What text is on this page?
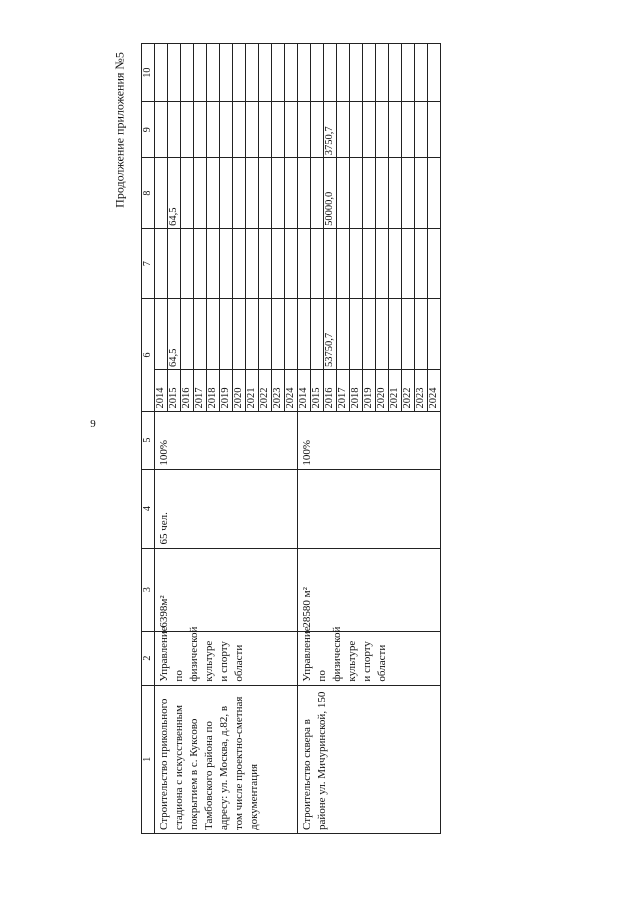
9
Продолжение приложения №5
1	2	3	4	5	6		7	8	9	10
Строительство прикольного стадиона с искусственным покрытием в с. Куксово Тамбовского района по адресу: ул. Москва, д.82, в том числе проектно-сметная документация	Управление по физической культуре и спорту области	6398м²	65 чел.	100%	2014					
					2015	64,5		64,5		
					2016					
					2017					
					2018					
					2019					
					2020					
					2021					
					2022					
					2023					
					2024					
Строительство сквера в районе ул. Мичуринской, 150	Управление по физической культуре и спорту области	28580 м²		100%	2014					
					2015					
					2016	53750,7		50000,0	3750,7	
					2017					
					2018					
					2019					
					2020					
					2021					
					2022					
					2023					
					2024					
